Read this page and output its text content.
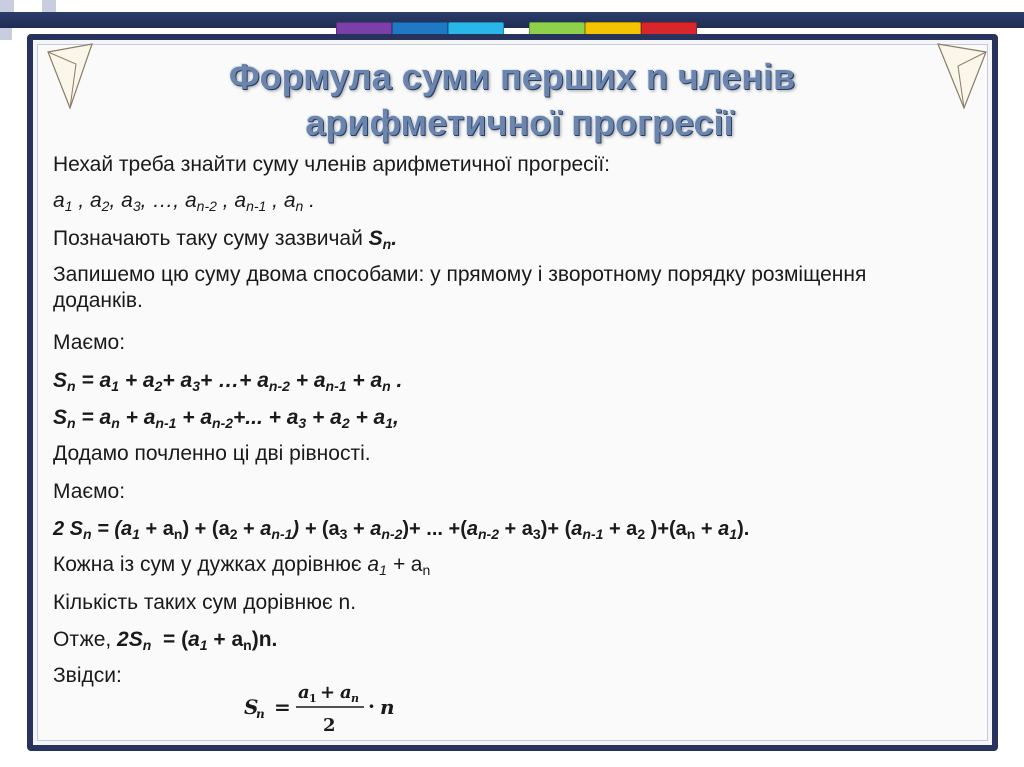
Формула суми перших n членів
арифметичної прогресії
Нехай треба знайти суму членів арифметичної прогресії:
$a_1$ , $a_2$, $a_3$, …, $a_{n-2}$ , $a_{n-1}$ , $a_n$ .
Позначають таку суму зазвичай $S_n$.
Запишемо цю суму двома способами: у прямому і зворотному порядку розміщення доданків.
Маємо:
$S_n = a_1 + a_2+ a_3+$ …+ $a_{n-2} + a_{n-1} + a_n$ .
$S_n = a_n + a_{n-1} + a_{n-2}+$... + $a_3 + a_2 + a_1$,
Додамо почленно ці дві рівності.
Маємо:
2 $S_n = (a_1 + a_n) + (a_2 + a_{n-1}) + (a_3 + a_{n-2})+$ ... $+(a_{n-2} + a_3)+ (a_{n-1} + a_2$ )$+(a_n + a_1)$.
Кожна із сум у дужках дорівнює $a_1 + a_n$
Кількість таких сум дорівнює n.
Отже, $2S_n = (a_1 + a_n)n$.
Звідси:
S
n =
a 1 + a n
2
· n
